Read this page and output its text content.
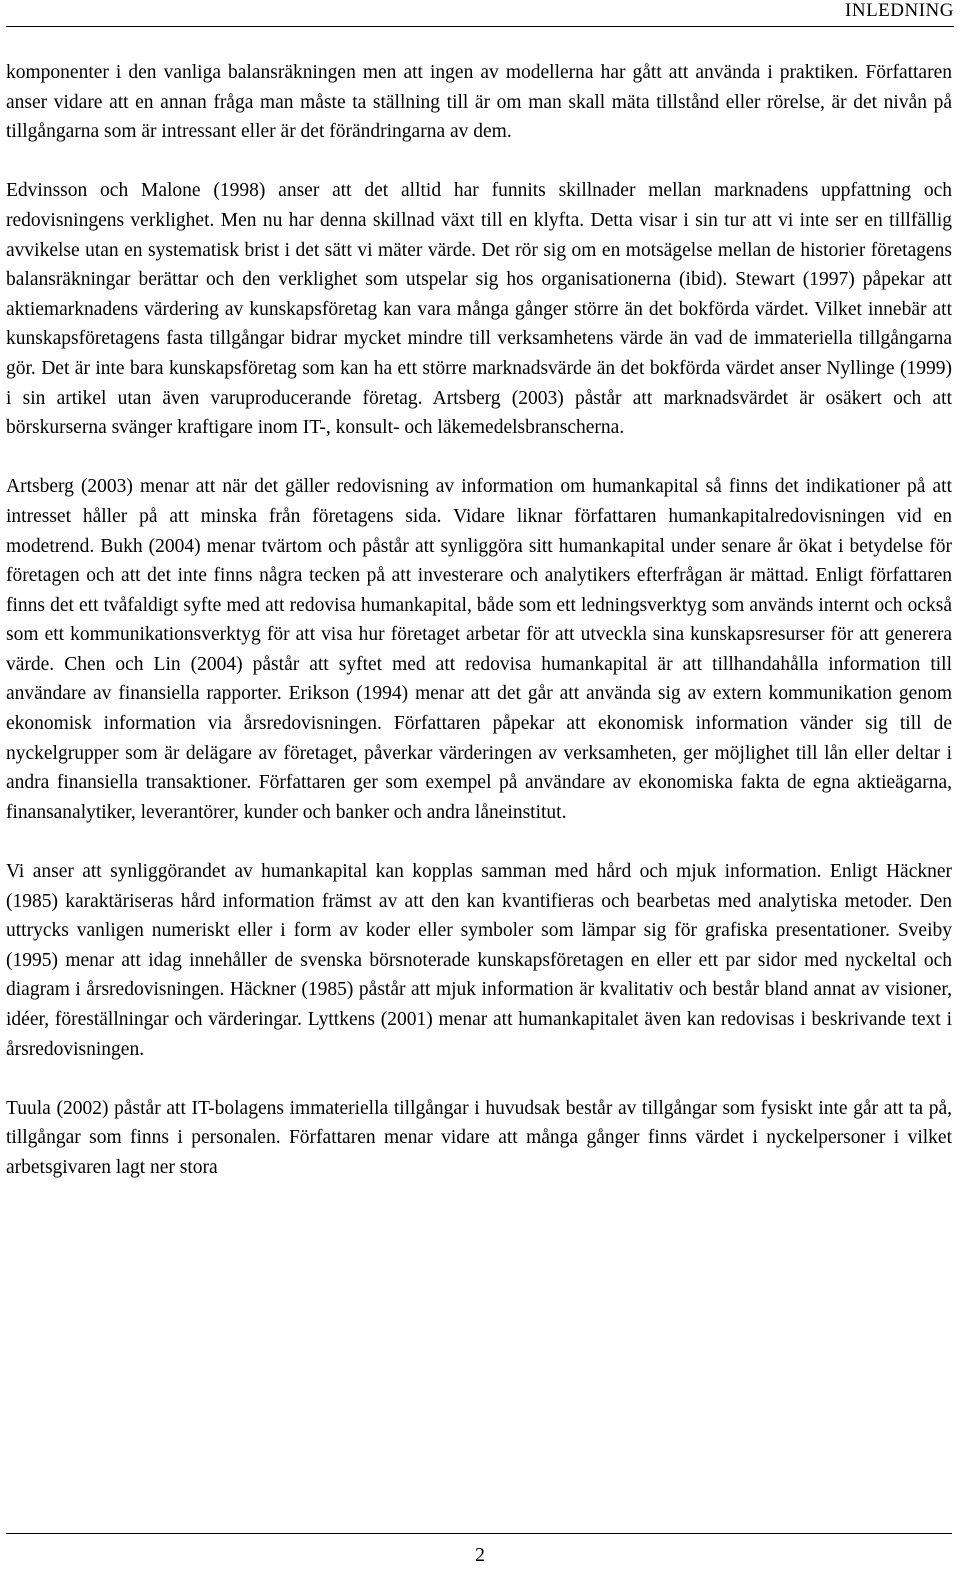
INLEDNING

komponenter i den vanliga balansräkningen men att ingen av modellerna har gått att använda i praktiken. Författaren anser vidare att en annan fråga man måste ta ställning till är om man skall mäta tillstånd eller rörelse, är det nivån på tillgångarna som är intressant eller är det förändringarna av dem.

Edvinsson och Malone (1998) anser att det alltid har funnits skillnader mellan marknadens uppfattning och redovisningens verklighet. Men nu har denna skillnad växt till en klyfta. Detta visar i sin tur att vi inte ser en tillfällig avvikelse utan en systematisk brist i det sätt vi mäter värde. Det rör sig om en motsägelse mellan de historier företagens balansräkningar berättar och den verklighet som utspelar sig hos organisationerna (ibid). Stewart (1997) påpekar att aktiemarknadens värdering av kunskapsföretag kan vara många gånger större än det bokförda värdet. Vilket innebär att kunskapsföretagens fasta tillgångar bidrar mycket mindre till verksamhetens värde än vad de immateriella tillgångarna gör. Det är inte bara kunskapsföretag som kan ha ett större marknadsvärde än det bokförda värdet anser Nyllinge (1999) i sin artikel utan även varuproducerande företag. Artsberg (2003) påstår att marknadsvärdet är osäkert och att börskurserna svänger kraftigare inom IT-, konsult- och läkemedelsbranscherna.

Artsberg (2003) menar att när det gäller redovisning av information om humankapital så finns det indikationer på att intresset håller på att minska från företagens sida. Vidare liknar författaren humankapitalredovisningen vid en modetrend. Bukh (2004) menar tvärtom och påstår att synliggöra sitt humankapital under senare år ökat i betydelse för företagen och att det inte finns några tecken på att investerare och analytikers efterfrågan är mättad. Enligt författaren finns det ett tvåfaldigt syfte med att redovisa humankapital, både som ett ledningsverktyg som används internt och också som ett kommunikationsverktyg för att visa hur företaget arbetar för att utveckla sina kunskapsresurser för att generera värde. Chen och Lin (2004) påstår att syftet med att redovisa humankapital är att tillhandahålla information till användare av finansiella rapporter. Erikson (1994) menar att det går att använda sig av extern kommunikation genom ekonomisk information via årsredovisningen. Författaren påpekar att ekonomisk information vänder sig till de nyckelgrupper som är delägare av företaget, påverkar värderingen av verksamheten, ger möjlighet till lån eller deltar i andra finansiella transaktioner. Författaren ger som exempel på användare av ekonomiska fakta de egna aktieägarna, finansanalytiker, leverantörer, kunder och banker och andra låneinstitut.

Vi anser att synliggörandet av humankapital kan kopplas samman med hård och mjuk information. Enligt Häckner (1985) karaktäriseras hård information främst av att den kan kvantifieras och bearbetas med analytiska metoder. Den uttrycks vanligen numeriskt eller i form av koder eller symboler som lämpar sig för grafiska presentationer. Sveiby (1995) menar att idag innehåller de svenska börsnoterade kunskapsföretagen en eller ett par sidor med nyckeltal och diagram i årsredovisningen. Häckner (1985) påstår att mjuk information är kvalitativ och består bland annat av visioner, idéer, föreställningar och värderingar. Lyttkens (2001) menar att humankapitalet även kan redovisas i beskrivande text i årsredovisningen.

Tuula (2002) påstår att IT-bolagens immateriella tillgångar i huvudsak består av tillgångar som fysiskt inte går att ta på, tillgångar som finns i personalen. Författaren menar vidare att många gånger finns värdet i nyckelpersoner i vilket arbetsgivaren lagt ner stora

2
